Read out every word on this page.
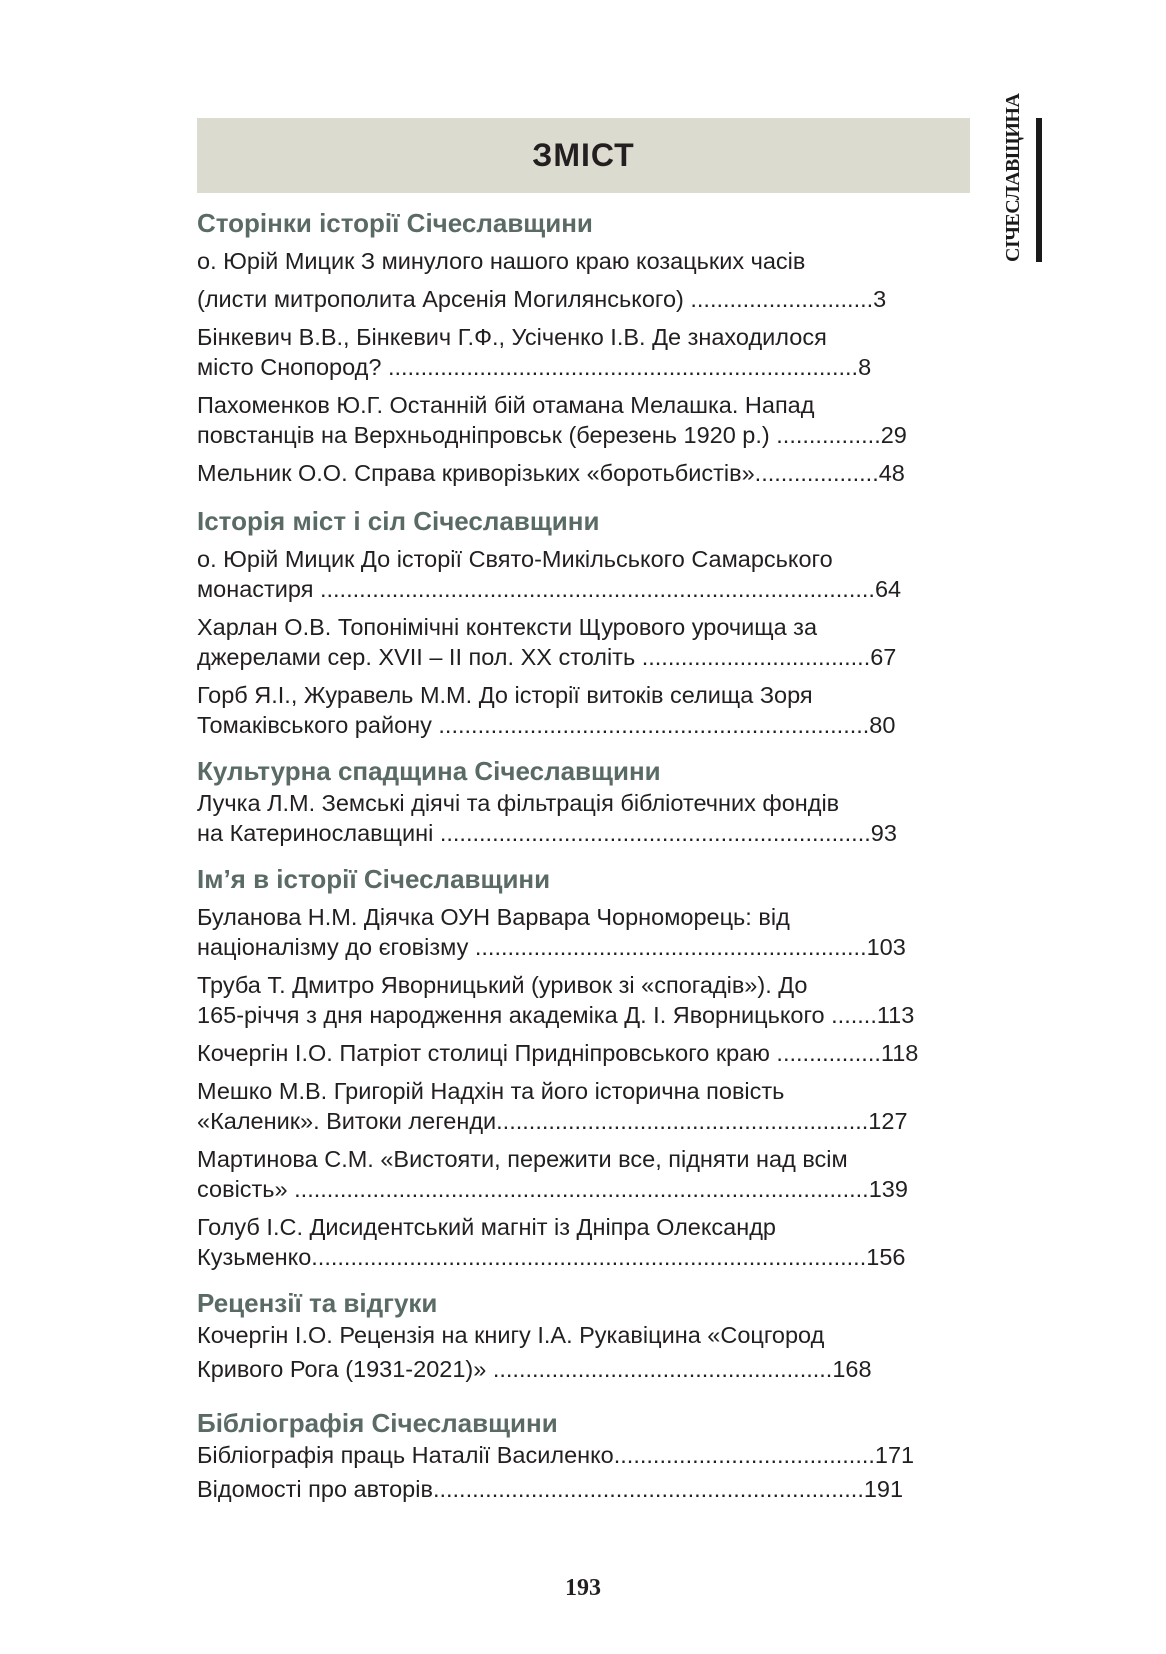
ЗМІСТ	СІЧЕСЛАВЩИНА
Сторінки історії Січеславщини
о. Юрій Мицик З минулого нашого краю козацьких часів
(листи митрополита Арсенія Могилянського) ............................3
Бінкевич В.В., Бінкевич Г.Ф., Усіченко І.В. Де знаходилося
місто Снопород? ........................................................................8
Пахоменков Ю.Г. Останній бій отамана Мелашка. Напад
повстанців на Верхньодніпровськ (березень 1920 р.) ................29
Мельник О.О. Справа криворізьких «боротьбистів»...................48
Історія міст і сіл Січеславщини
о. Юрій Мицик До історії Свято-Микільського Самарського
монастиря .....................................................................................64
Харлан О.В. Топонімічні контексти Щурового урочища за
джерелами сер. XVII – II пол. XX століть ...................................67
Горб Я.І., Журавель М.М. До історії витоків селища Зоря
Томаківського району ..................................................................80
Культурна спадщина Січеславщини
Лучка Л.М. Земські діячі та фільтрація бібліотечних фондів
на Катеринославщині ..................................................................93
Ім’я в історії Січеславщини
Буланова Н.М. Діячка ОУН Варвара Чорноморець: від
націоналізму до єговізму ............................................................103
Труба Т. Дмитро Яворницький (уривок зі «спогадів»). До
165-річчя з дня народження академіка Д. І. Яворницького .......113
Кочергін І.О. Патріот столиці Придніпровського краю ................118
Мешко М.В. Григорій Надхін та його історична повість
«Каленик». Витоки легенди.........................................................127
Мартинова С.М. «Вистояти, пережити все, підняти над всім
совість» ........................................................................................139
Голуб І.С. Дисидентський магніт із Дніпра Олександр
Кузьменко.....................................................................................156
Рецензії та відгуки
Кочергін І.О. Рецензія на книгу І.А. Рукавіцина «Соцгород
Кривого Рога (1931-2021)» ....................................................168
Бібліографія Січеславщини
Бібліографія праць Наталії Василенко........................................171
Відомості про авторів..................................................................191
193
